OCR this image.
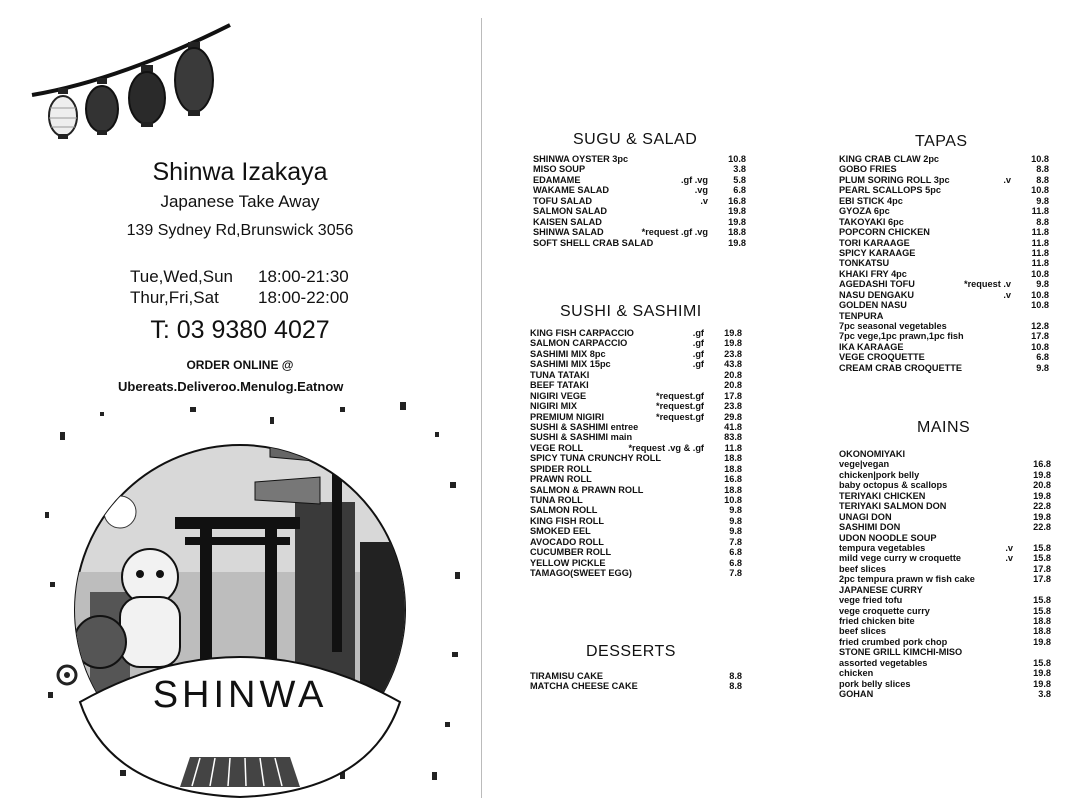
Shinwa Izakaya
Japanese Take Away
139 Sydney Rd,Brunswick 3056
Tue,Wed,Sun	18:00-21:30
Thur,Fri,Sat	18:00-22:00
T: 03 9380 4027
ORDER ONLINE @
Ubereats.Deliveroo.Menulog.Eatnow
SHINWA
SUGU & SALAD
SHINWA OYSTER 3pc	10.8
MISO SOUP	3.8
EDAMAME	.gf .vg	5.8
WAKAME SALAD	.vg	6.8
TOFU SALAD	.v	16.8
SALMON SALAD	19.8
KAISEN SALAD	19.8
SHINWA SALAD	*request .gf .vg	18.8
SOFT SHELL CRAB SALAD	19.8
SUSHI & SASHIMI
KING FISH CARPACCIO	.gf	19.8
SALMON CARPACCIO	.gf	19.8
SASHIMI MIX 8pc	.gf	23.8
SASHIMI MIX 15pc	.gf	43.8
TUNA TATAKI	20.8
BEEF TATAKI	20.8
NIGIRI VEGE	*request.gf	17.8
NIGIRI MIX	*request.gf	23.8
PREMIUM NIGIRI	*request.gf	29.8
SUSHI & SASHIMI entree	41.8
SUSHI & SASHIMI main	83.8
VEGE ROLL	*request .vg & .gf	11.8
SPICY TUNA CRUNCHY ROLL	18.8
SPIDER ROLL	18.8
PRAWN ROLL	16.8
SALMON & PRAWN ROLL	18.8
TUNA ROLL	10.8
SALMON ROLL	9.8
KING FISH ROLL	9.8
SMOKED EEL	9.8
AVOCADO ROLL	7.8
CUCUMBER ROLL	6.8
YELLOW PICKLE	6.8
TAMAGO(SWEET EGG)	7.8
DESSERTS
TIRAMISU CAKE	8.8
MATCHA CHEESE CAKE	8.8
TAPAS
KING CRAB CLAW 2pc	10.8
GOBO FRIES	8.8
PLUM SORING ROLL 3pc	.v	8.8
PEARL SCALLOPS 5pc	10.8
EBI STICK 4pc	9.8
GYOZA 6pc	11.8
TAKOYAKI 6pc	8.8
POPCORN CHICKEN	11.8
TORI KARAAGE	11.8
SPICY KARAAGE	11.8
TONKATSU	11.8
KHAKI FRY 4pc	10.8
AGEDASHI TOFU	*request .v	9.8
NASU DENGAKU	.v	10.8
GOLDEN NASU	10.8
TENPURA
7pc seasonal vegetables	12.8
7pc vege,1pc prawn,1pc fish	17.8
IKA KARAAGE	10.8
VEGE CROQUETTE	6.8
CREAM CRAB CROQUETTE	9.8
MAINS
OKONOMIYAKI
vege|vegan	16.8
chicken|pork belly	19.8
baby octopus & scallops	20.8
TERIYAKI CHICKEN	19.8
TERIYAKI SALMON DON	22.8
UNAGI DON	19.8
SASHIMI DON	22.8
UDON NOODLE SOUP
tempura vegetables	.v	15.8
mild vege curry w croquette	.v	15.8
beef slices	17.8
2pc tempura prawn w fish cake	17.8
JAPANESE CURRY
vege fried tofu	15.8
vege croquette curry	15.8
fried chicken bite	18.8
beef slices	18.8
fried crumbed pork chop	19.8
STONE GRILL KIMCHI-MISO
assorted vegetables	15.8
chicken	19.8
pork belly slices	19.8
GOHAN	3.8
